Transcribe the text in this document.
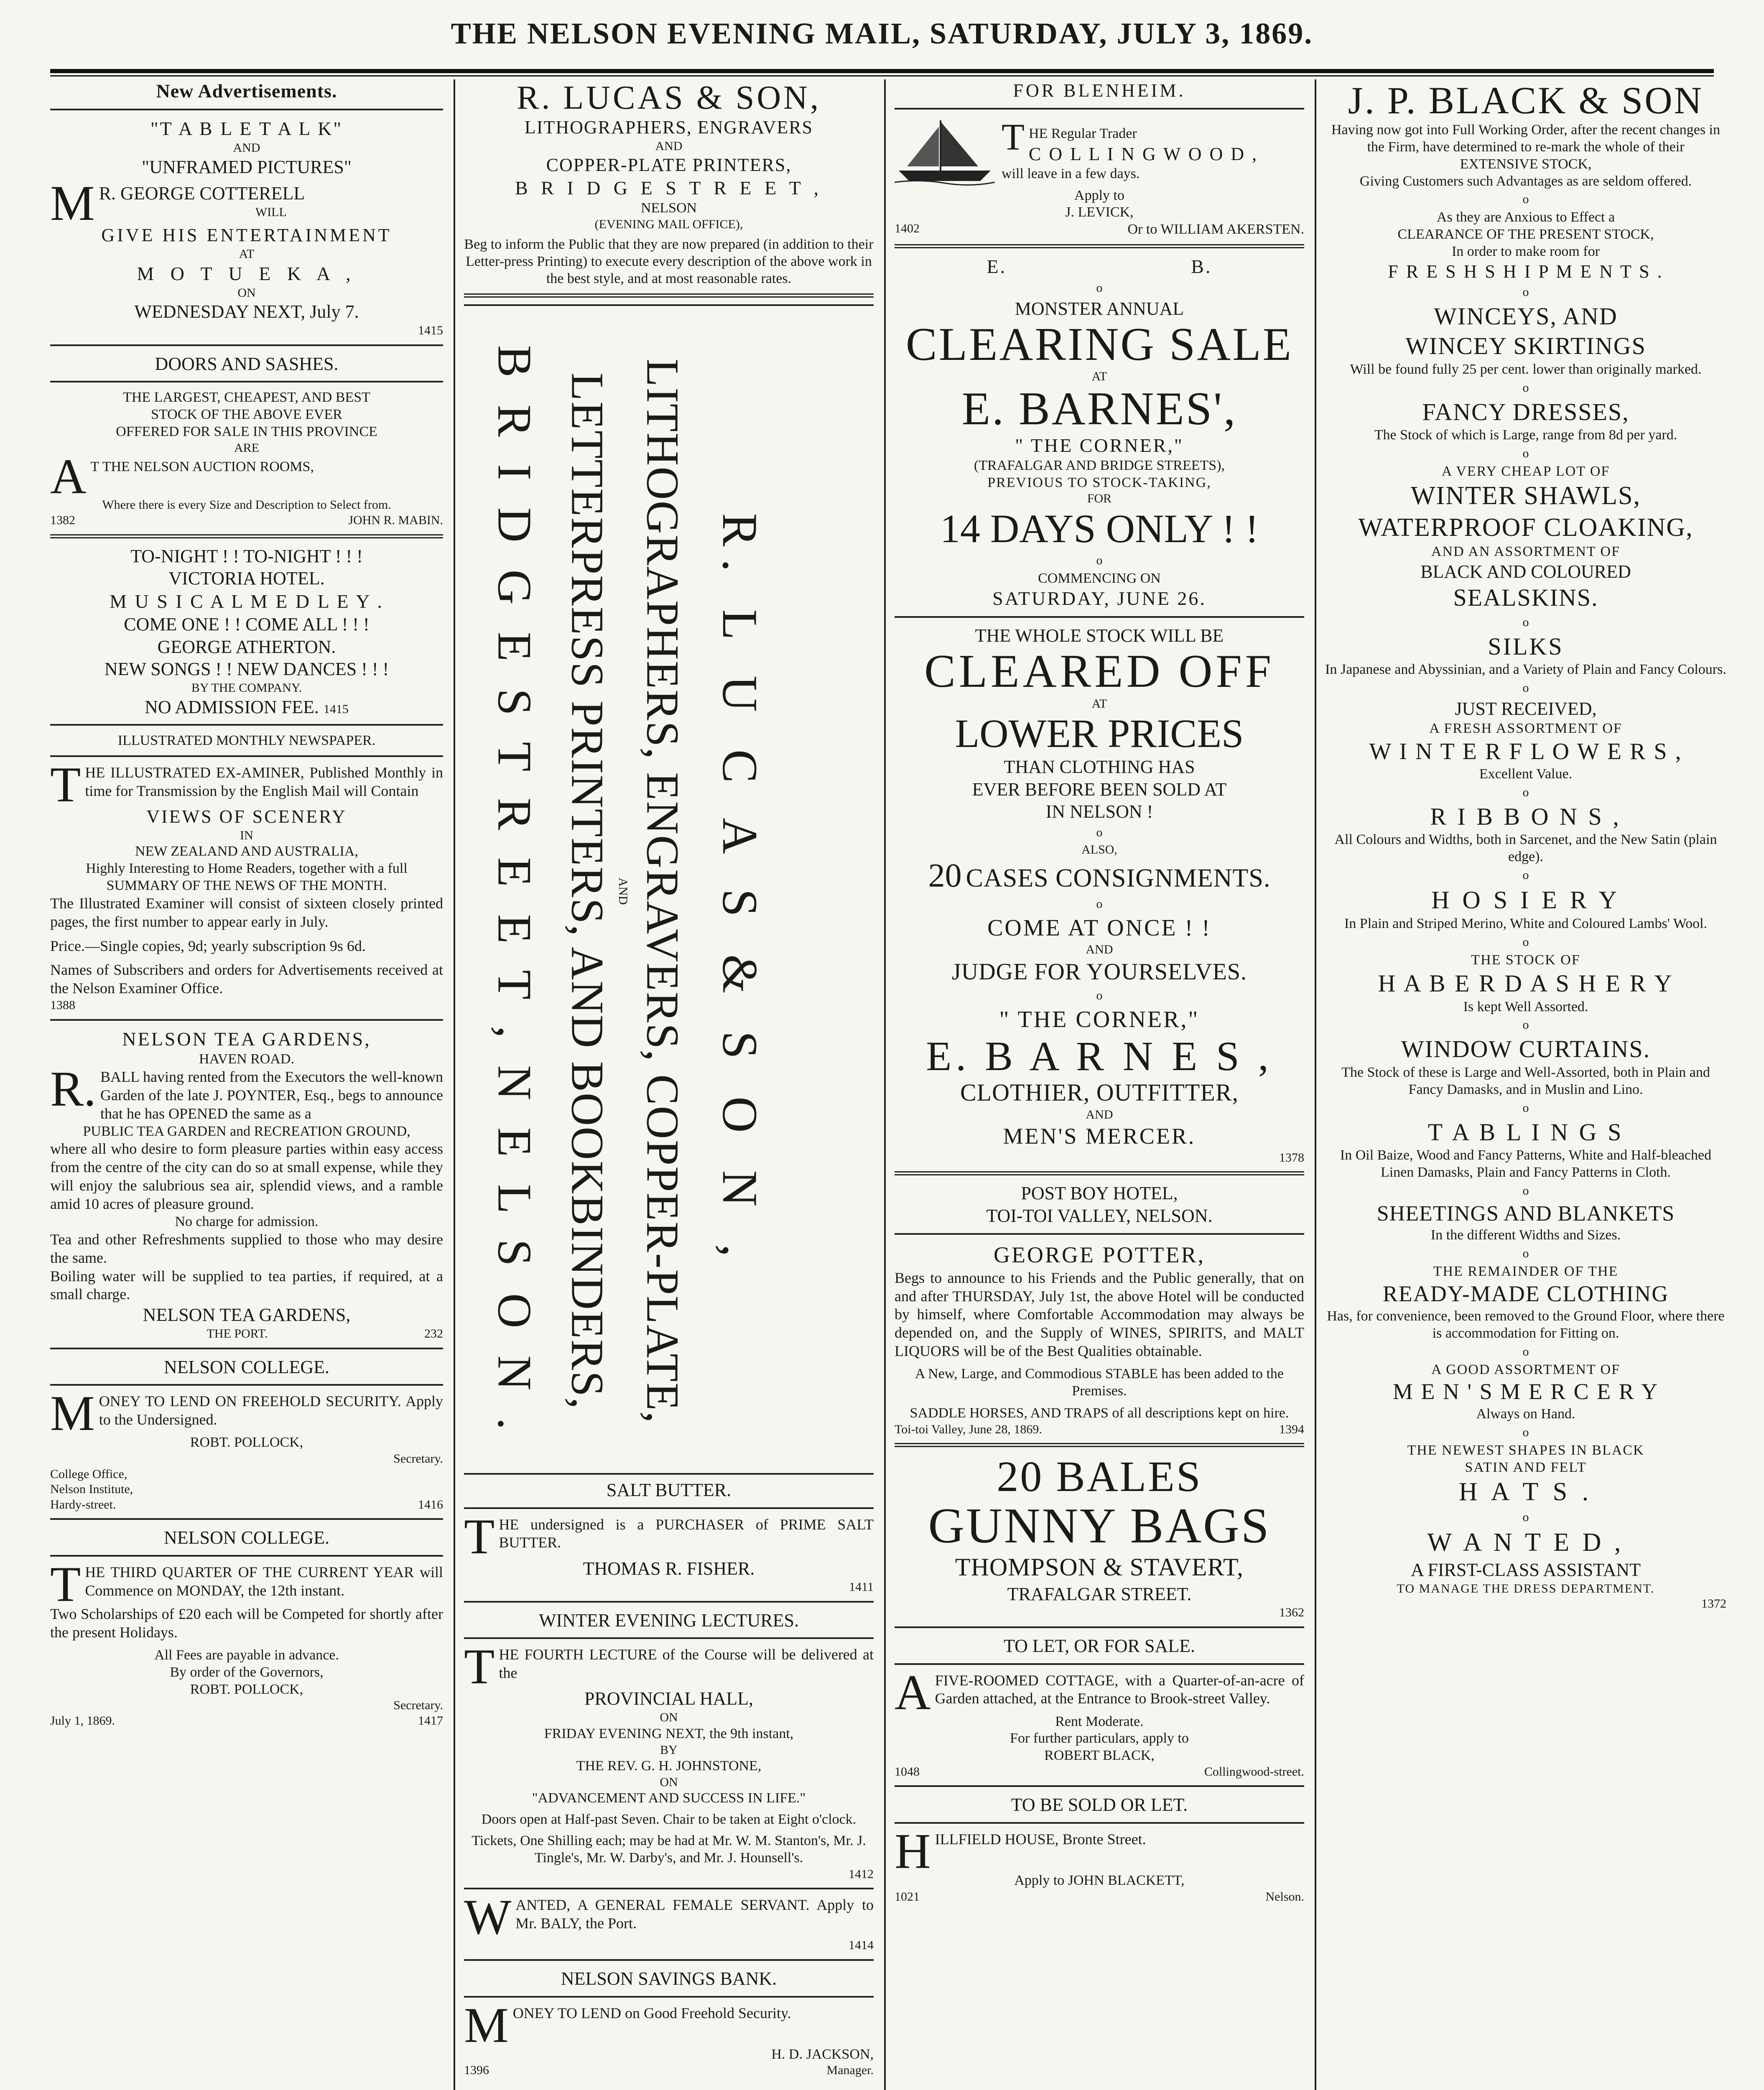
THE NELSON EVENING MAIL, SATURDAY, JULY 3, 1869.
New Advertisements.
"T A B L E T A L K"
AND
"UNFRAMED PICTURES"
M R. GEORGE COTTERELL
WILL
GIVE HIS ENTERTAINMENT
AT
M O T U E K A ,
ON
WEDNESDAY NEXT, July 7.
1415
DOORS AND SASHES.
THE LARGEST, CHEAPEST, AND BEST
STOCK OF THE ABOVE EVER
OFFERED FOR SALE IN THIS PROVINCE
ARE
A T THE NELSON AUCTION ROOMS,
Where there is every Size and Description to Select from.
1382	JOHN R. MABIN.
TO-NIGHT ! ! TO-NIGHT ! ! !
VICTORIA HOTEL.
M U S I C A L M E D L E Y .
COME ONE ! ! COME ALL ! ! !
GEORGE ATHERTON.
NEW SONGS ! ! NEW DANCES ! ! !
BY THE COMPANY.
NO ADMISSION FEE. 1415
ILLUSTRATED MONTHLY NEWSPAPER.
THE ILLUSTRATED EX-AMINER, Published Monthly in time for Transmission by the English Mail will Contain
VIEWS OF SCENERY
IN
NEW ZEALAND AND AUSTRALIA,
Highly Interesting to Home Readers, together with a full
SUMMARY OF THE NEWS OF THE MONTH.
The Illustrated Examiner will consist of sixteen closely printed pages, the first number to appear early in July.
Price.—Single copies, 9d; yearly subscription 9s 6d.
Names of Subscribers and orders for Advertisements received at the Nelson Examiner Office.
1388
NELSON TEA GARDENS,
HAVEN ROAD.
R. BALL having rented from the Executors the well-known Garden of the late J. POYNTER, Esq., begs to announce that he has OPENED the same as a
PUBLIC TEA GARDEN and RECREATION GROUND,
where all who desire to form pleasure parties within easy access from the centre of the city can do so at small expense, while they will enjoy the salubrious sea air, splendid views, and a ramble amid 10 acres of pleasure ground.
No charge for admission.
Tea and other Refreshments supplied to those who may desire the same.
Boiling water will be supplied to tea parties, if required, at a small charge.
NELSON TEA GARDENS,
THE PORT.	232
NELSON COLLEGE.
MONEY TO LEND ON FREEHOLD SECURITY. Apply to the Undersigned.
ROBT. POLLOCK,
Secretary.
College Office,
Nelson Institute,
Hardy-street.	1416
NELSON COLLEGE.
THE THIRD QUARTER OF THE CURRENT YEAR will Commence on MONDAY, the 12th instant.
Two Scholarships of £20 each will be Competed for shortly after the present Holidays.
All Fees are payable in advance.
By order of the Governors,
ROBT. POLLOCK,
Secretary.
July 1, 1869.	1417
R. LUCAS & SON,
LITHOGRAPHERS, ENGRAVERS
AND
COPPER-PLATE PRINTERS,
B R I D G E S T R E E T ,
NELSON
(EVENING MAIL OFFICE),
Beg to inform the Public that they are now prepared (in addition to their Letter-press Printing) to execute every description of the above work in the best style, and at most reasonable rates.
R. L U C A S & S O N ,
LITHOGRAPHERS, ENGRAVERS, COPPER-PLATE,
AND
LETTERPRESS PRINTERS, AND BOOKBINDERS,
B R I D G E S T R E E T , N E L S O N .
SALT BUTTER.
THE undersigned is a PURCHASER of PRIME SALT BUTTER.
THOMAS R. FISHER.
1411
WINTER EVENING LECTURES.
THE FOURTH LECTURE of the Course will be delivered at the
PROVINCIAL HALL,
ON
FRIDAY EVENING NEXT, the 9th instant,
BY
THE REV. G. H. JOHNSTONE,
ON
"ADVANCEMENT AND SUCCESS IN LIFE."
Doors open at Half-past Seven. Chair to be taken at Eight o'clock.
Tickets, One Shilling each; may be had at Mr. W. M. Stanton's, Mr. J. Tingle's, Mr. W. Darby's, and Mr. J. Hounsell's.
1412
WANTED, A GENERAL FEMALE SERVANT. Apply to Mr. BALY, the Port.
1414
NELSON SAVINGS BANK.
MONEY TO LEND on Good Freehold Security.
H. D. JACKSON,
1396	Manager.
FOR BLENHEIM.
THE Regular Trader
C O L L I N G W O O D ,
will leave in a few days.
Apply to
J. LEVICK,
1402	Or to WILLIAM AKERSTEN.
E.	B.
o
MONSTER ANNUAL
CLEARING SALE
AT
E. BARNES',
" THE CORNER,"
(TRAFALGAR AND BRIDGE STREETS),
PREVIOUS TO STOCK-TAKING,
FOR
14 DAYS ONLY ! !
o
COMMENCING ON
SATURDAY, JUNE 26.
THE WHOLE STOCK WILL BE
CLEARED OFF
AT
LOWER PRICES
THAN CLOTHING HAS
EVER BEFORE BEEN SOLD AT
IN NELSON !
o
ALSO,
20 CASES CONSIGNMENTS.
o
COME AT ONCE ! !
AND
JUDGE FOR YOURSELVES.
o
" THE CORNER,"
E. B A R N E S ,
CLOTHIER, OUTFITTER,
AND
MEN'S MERCER.
1378
POST BOY HOTEL,
TOI-TOI VALLEY, NELSON.
GEORGE POTTER,
Begs to announce to his Friends and the Public generally, that on and after THURSDAY, July 1st, the above Hotel will be conducted by himself, where Comfortable Accommodation may always be depended on, and the Supply of WINES, SPIRITS, and MALT LIQUORS will be of the Best Qualities obtainable.
A New, Large, and Commodious STABLE has been added to the Premises.
SADDLE HORSES, AND TRAPS of all descriptions kept on hire.
Toi-toi Valley, June 28, 1869.	1394
20 BALES
GUNNY BAGS
THOMPSON & STAVERT,
TRAFALGAR STREET.
1362
TO LET, OR FOR SALE.
AFIVE-ROOMED COTTAGE, with a Quarter-of-an-acre of Garden attached, at the Entrance to Brook-street Valley.
Rent Moderate.
For further particulars, apply to
ROBERT BLACK,
1048	Collingwood-street.
TO BE SOLD OR LET.
HILLFIELD HOUSE, Bronte Street.
Apply to JOHN BLACKETT,
1021	Nelson.
J. P. BLACK & SON
Having now got into Full Working Order, after the recent changes in the Firm, have determined to re-mark the whole of their
EXTENSIVE STOCK,
Giving Customers such Advantages as are seldom offered.
o
As they are Anxious to Effect a
CLEARANCE OF THE PRESENT STOCK,
In order to make room for
F R E S H S H I P M E N T S .
o
WINCEYS, AND
WINCEY SKIRTINGS
Will be found fully 25 per cent. lower than originally marked.
o
FANCY DRESSES,
The Stock of which is Large, range from 8d per yard.
o
A VERY CHEAP LOT OF
WINTER SHAWLS,
WATERPROOF CLOAKING,
AND AN ASSORTMENT OF
BLACK AND COLOURED
SEALSKINS.
o
SILKS
In Japanese and Abyssinian, and a Variety of Plain and Fancy Colours.
o
JUST RECEIVED,
A FRESH ASSORTMENT OF
W I N T E R F L O W E R S ,
Excellent Value.
o
R I B B O N S ,
All Colours and Widths, both in Sarcenet, and the New Satin (plain edge).
o
H O S I E R Y
In Plain and Striped Merino, White and Coloured Lambs' Wool.
o
THE STOCK OF
H A B E R D A S H E R Y
Is kept Well Assorted.
o
WINDOW CURTAINS.
The Stock of these is Large and Well-Assorted, both in Plain and Fancy Damasks, and in Muslin and Lino.
o
T A B L I N G S
In Oil Baize, Wood and Fancy Patterns, White and Half-bleached Linen Damasks, Plain and Fancy Patterns in Cloth.
o
SHEETINGS AND BLANKETS
In the different Widths and Sizes.
o
THE REMAINDER OF THE
READY-MADE CLOTHING
Has, for convenience, been removed to the Ground Floor, where there is accommodation for Fitting on.
o
A GOOD ASSORTMENT OF
M E N ' S M E R C E R Y
Always on Hand.
o
THE NEWEST SHAPES IN BLACK
SATIN AND FELT
H A T S .
o
W A N T E D ,
A FIRST-CLASS ASSISTANT
TO MANAGE THE DRESS DEPARTMENT.
1372
